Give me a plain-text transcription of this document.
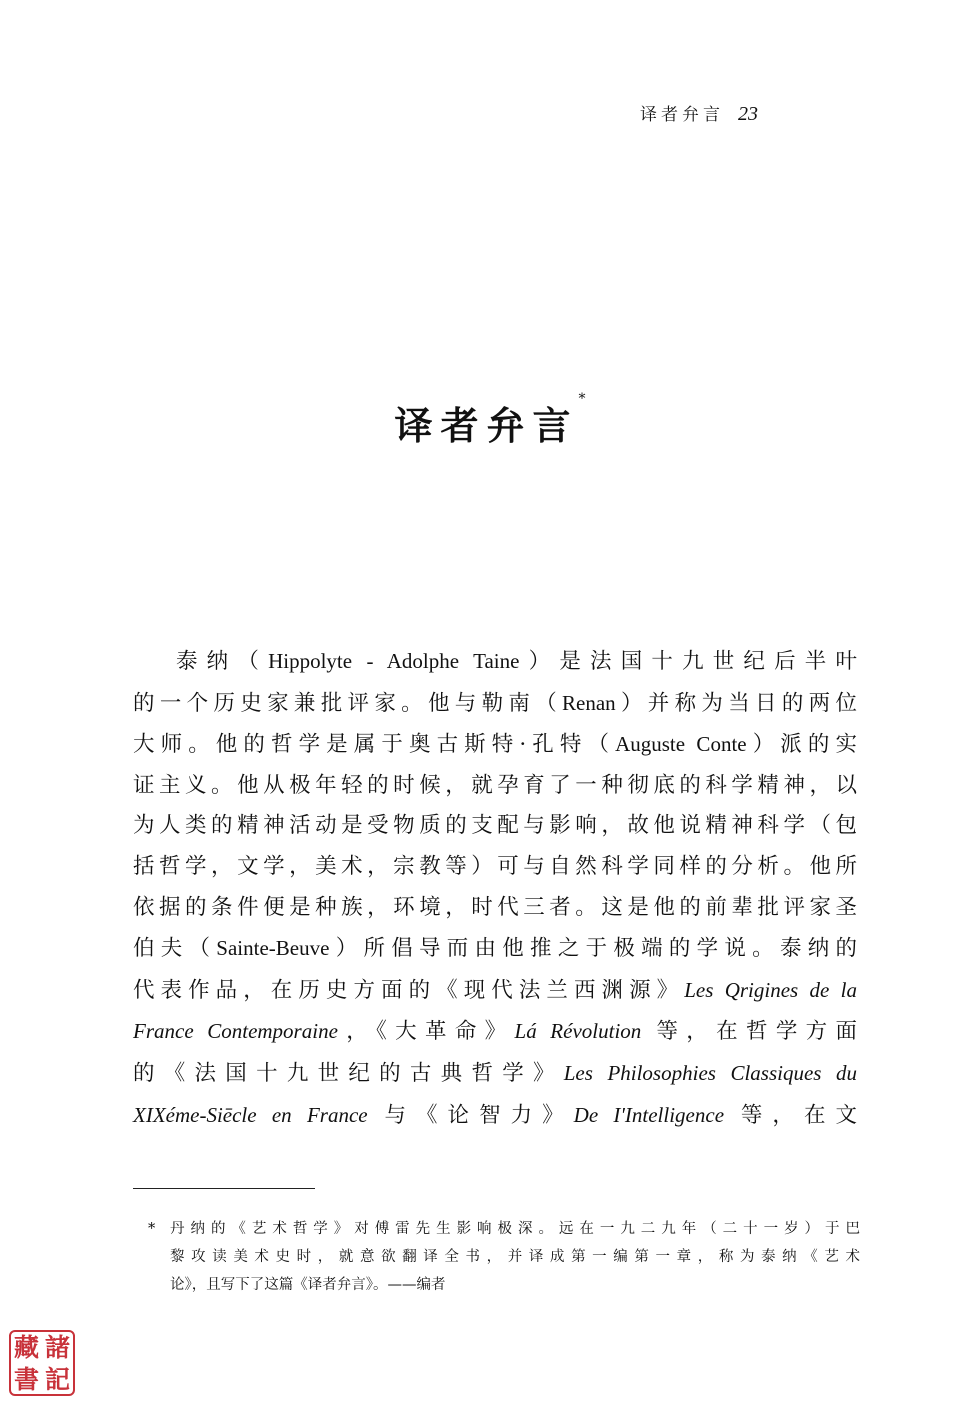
译者弁言 23
译者弁言*
泰纳（Hippolyte - Adolphe Taine）是法国十九世纪后半叶
的一个历史家兼批评家。他与勒南（Renan）并称为当日的两位
大师。他的哲学是属于奥古斯特·孔特（Auguste Conte）派的实
证主义。他从极年轻的时候，就孕育了一种彻底的科学精神，以
为人类的精神活动是受物质的支配与影响，故他说精神科学（包
括哲学，文学，美术，宗教等）可与自然科学同样的分析。他所
依据的条件便是种族，环境，时代三者。这是他的前辈批评家圣
伯夫（Sainte-Beuve）所倡导而由他推之于极端的学说。泰纳的
代表作品，在历史方面的《现代法兰西渊源》Les Qrigines de la
France Contemporaine，《大革命》Lá Révolution 等，在哲学方面
的《法国十九世纪的古典哲学》Les Philosophies Classiques du
XIXéme-Siēcle en France 与《论智力》De I'Intelligence 等，在文
* 丹纳的《艺术哲学》对傅雷先生影响极深。远在一九二九年（二十一岁）于巴
黎攻读美术史时，就意欲翻译全书，并译成第一编第一章，称为泰纳《艺术
论》，且写下了这篇《译者弁言》。——编者
藏 諸
書 記
